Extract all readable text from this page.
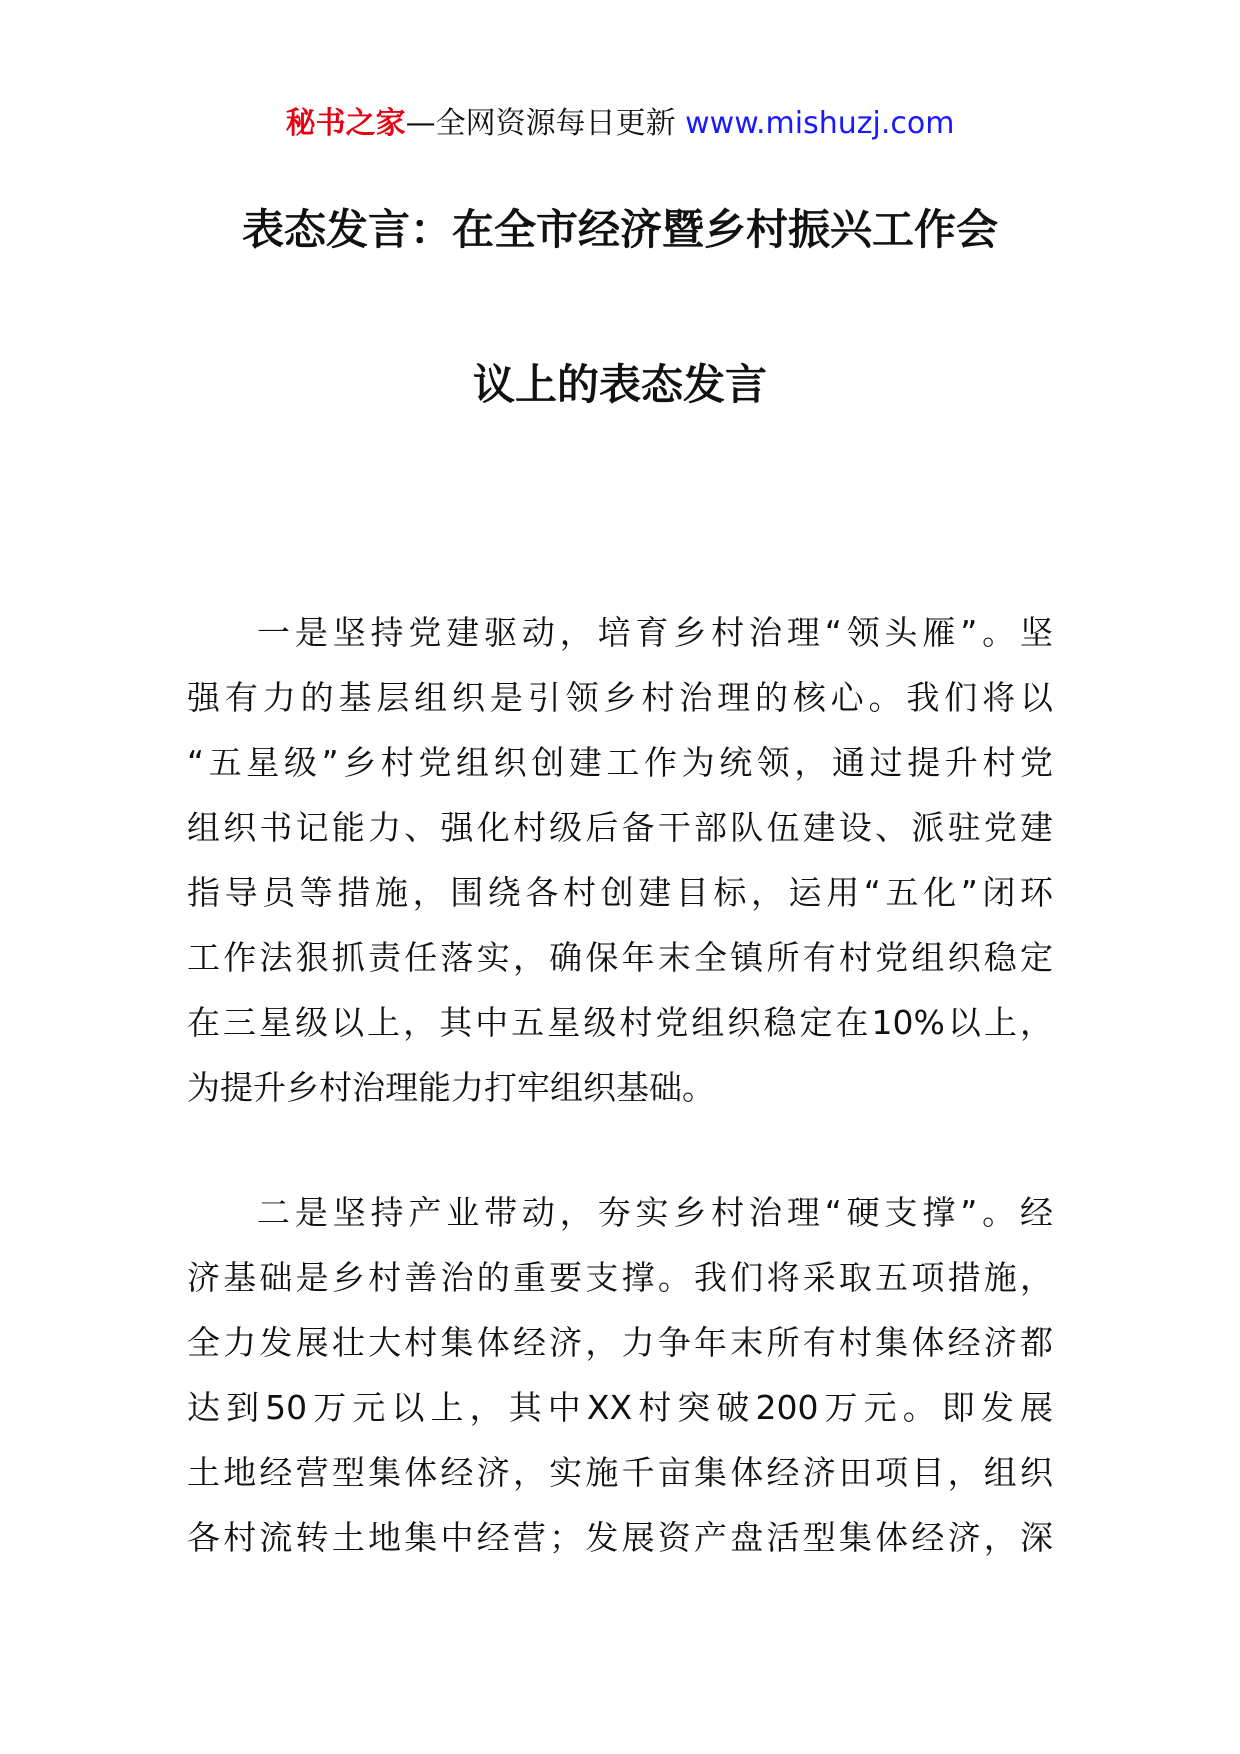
秘书之家—全网资源每日更新 www.mishuzj.com
表态发言：在全市经济暨乡村振兴工作会
议上的表态发言
一是坚持党建驱动，培育乡村治理“领头雁”。坚
强有力的基层组织是引领乡村治理的核心。我们将以
“五星级”乡村党组织创建工作为统领，通过提升村党
组织书记能力、强化村级后备干部队伍建设、派驻党建
指导员等措施，围绕各村创建目标，运用“五化”闭环
工作法狠抓责任落实，确保年末全镇所有村党组织稳定
在三星级以上，其中五星级村党组织稳定在10%以上，
为提升乡村治理能力打牢组织基础。
二是坚持产业带动，夯实乡村治理“硬支撑”。经
济基础是乡村善治的重要支撑。我们将采取五项措施，
全力发展壮大村集体经济，力争年末所有村集体经济都
达到50万元以上，其中XX村突破200万元。即发展
土地经营型集体经济，实施千亩集体经济田项目，组织
各村流转土地集中经营；发展资产盘活型集体经济，深
